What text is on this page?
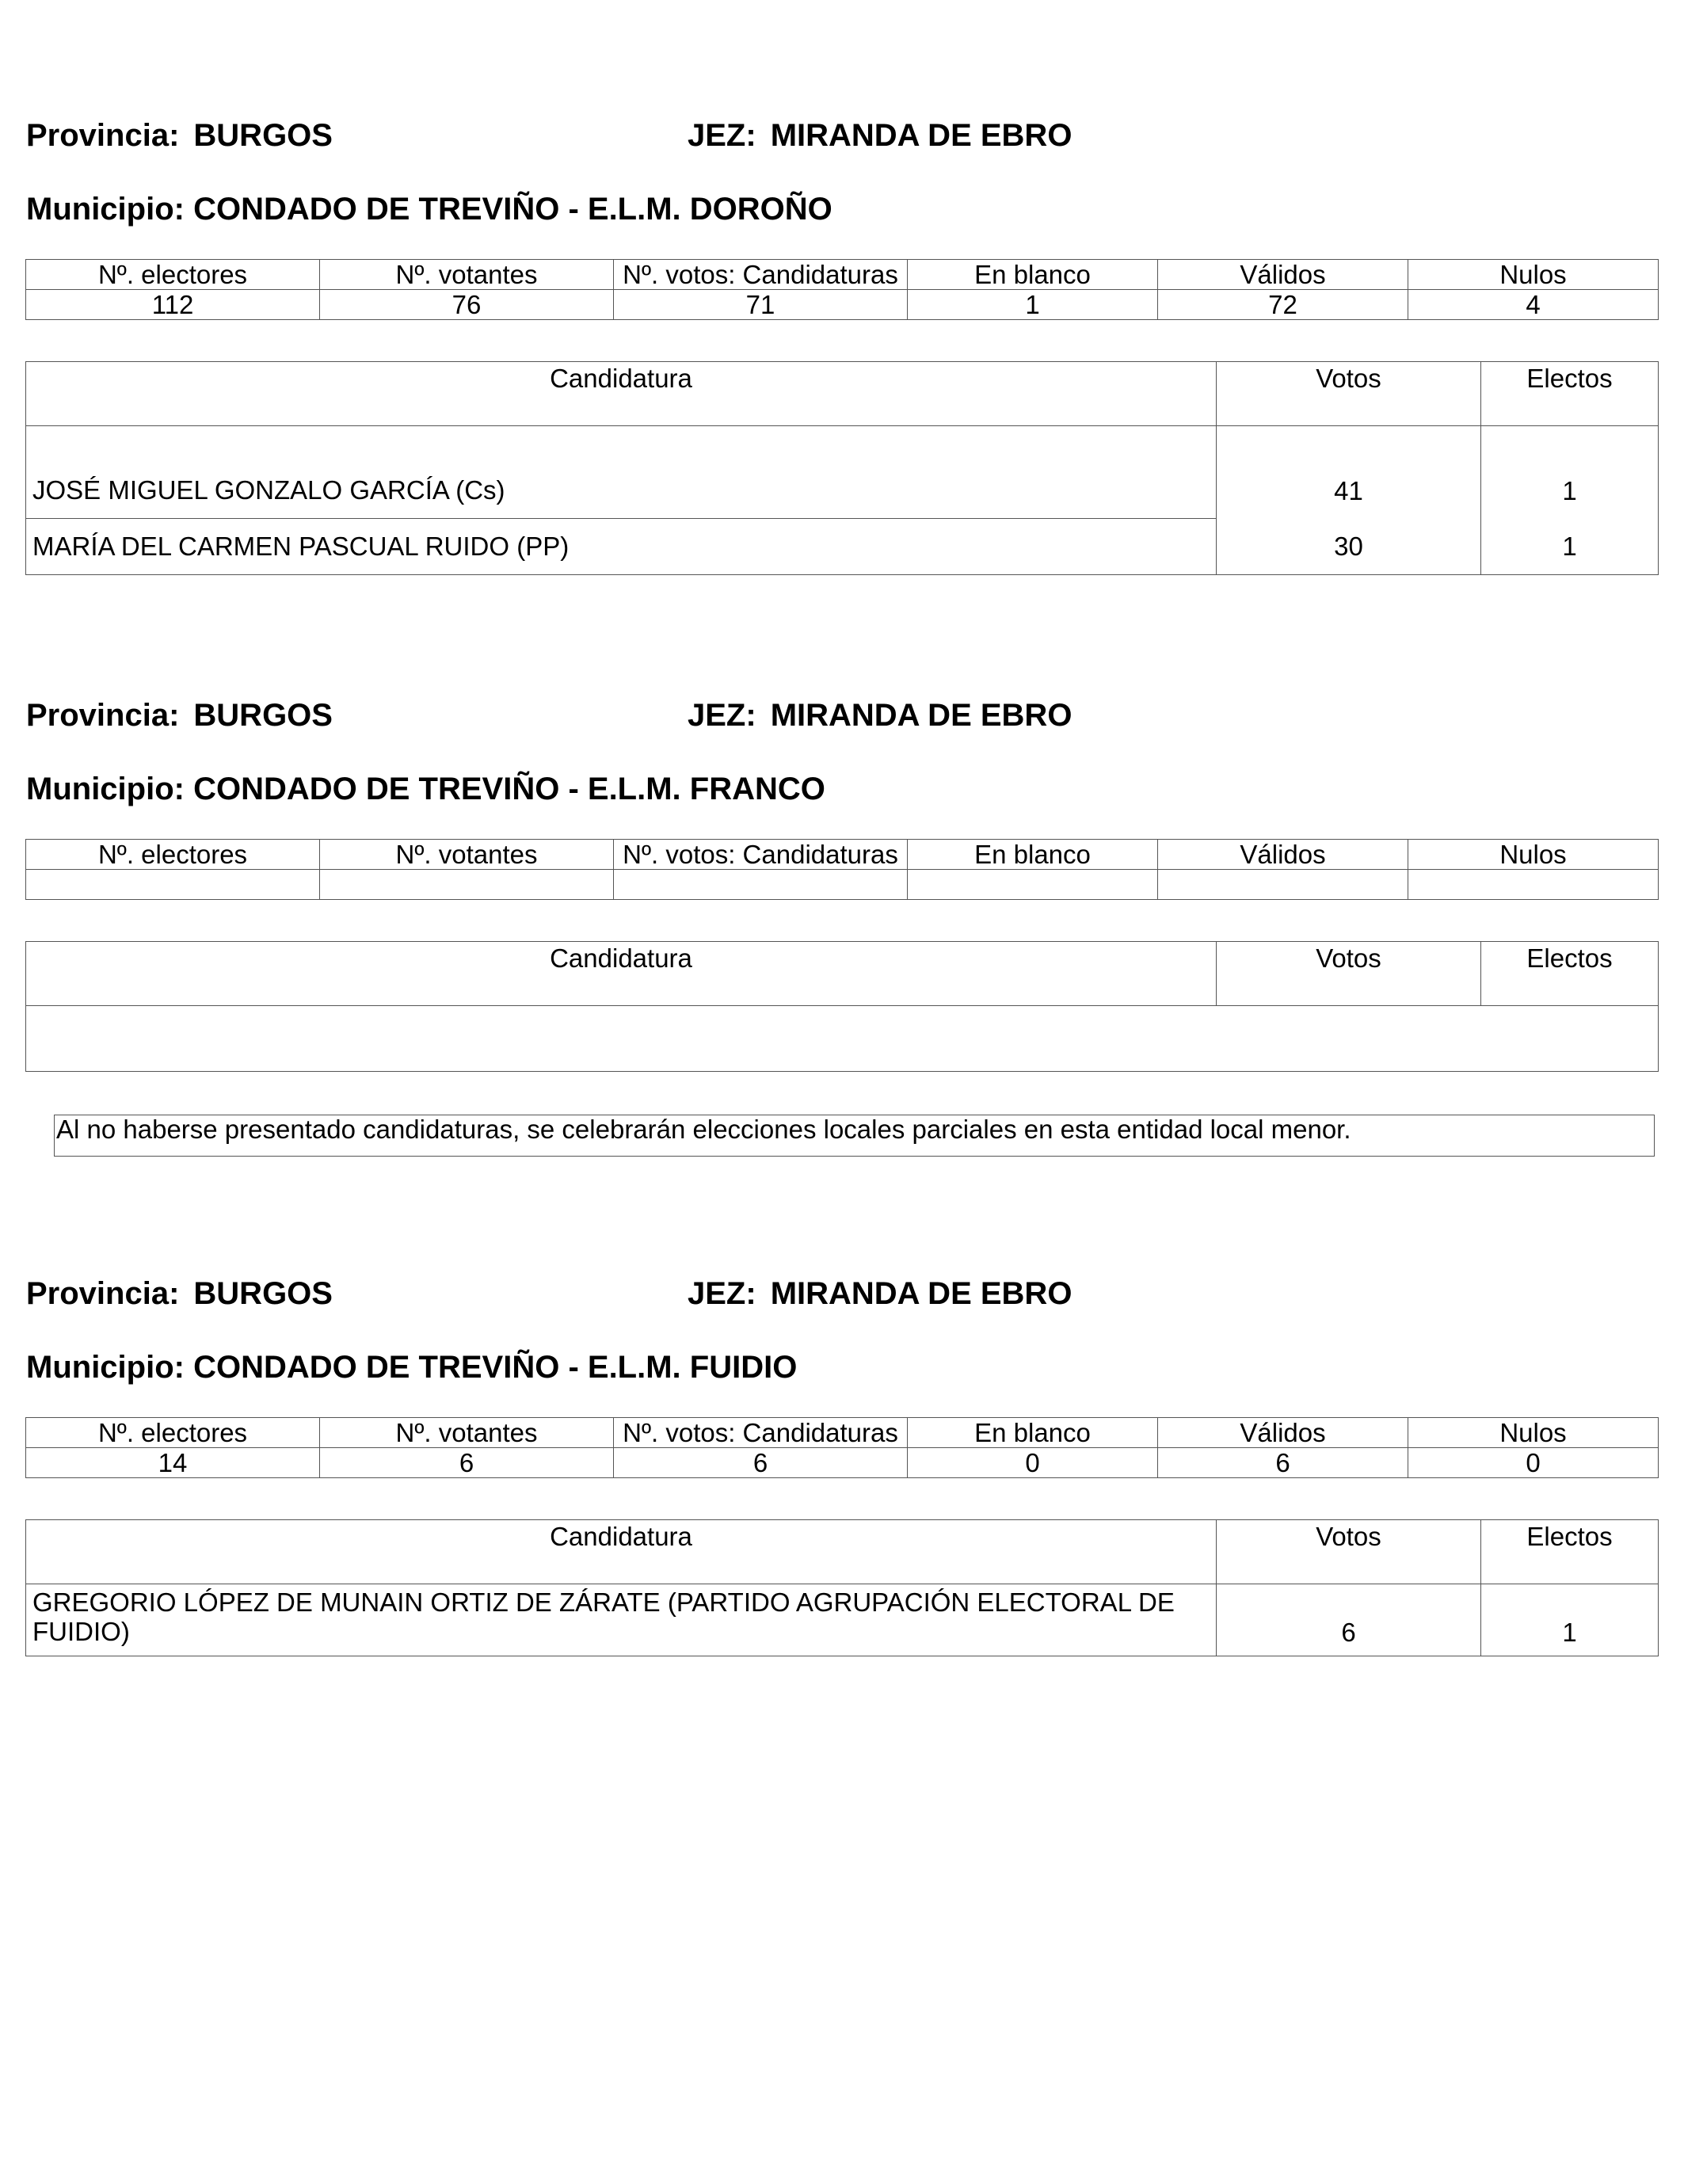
Provincia: BURGOS	JEZ: MIRANDA DE EBRO
Municipio: CONDADO DE TREVIÑO - E.L.M. DOROÑO
Nº. electores	Nº. votantes	Nº. votos: Candidaturas	En blanco	Válidos	Nulos
112	76	71	1	72	4
Candidatura	Votos	Electos
JOSÉ MIGUEL GONZALO GARCÍA (Cs)	41	1
MARÍA DEL CARMEN PASCUAL RUIDO (PP)	30	1
Provincia: BURGOS	JEZ: MIRANDA DE EBRO
Municipio: CONDADO DE TREVIÑO - E.L.M. FRANCO
Nº. electores	Nº. votantes	Nº. votos: Candidaturas	En blanco	Válidos	Nulos

Candidatura	Votos	Electos

Al no haberse presentado candidaturas, se celebrarán elecciones locales parciales en esta entidad local menor.
Provincia: BURGOS	JEZ: MIRANDA DE EBRO
Municipio: CONDADO DE TREVIÑO - E.L.M. FUIDIO
Nº. electores	Nº. votantes	Nº. votos: Candidaturas	En blanco	Válidos	Nulos
14	6	6	0	6	0
Candidatura	Votos	Electos
GREGORIO LÓPEZ DE MUNAIN ORTIZ DE ZÁRATE (PARTIDO AGRUPACIÓN ELECTORAL DE FUIDIO)	6	1
